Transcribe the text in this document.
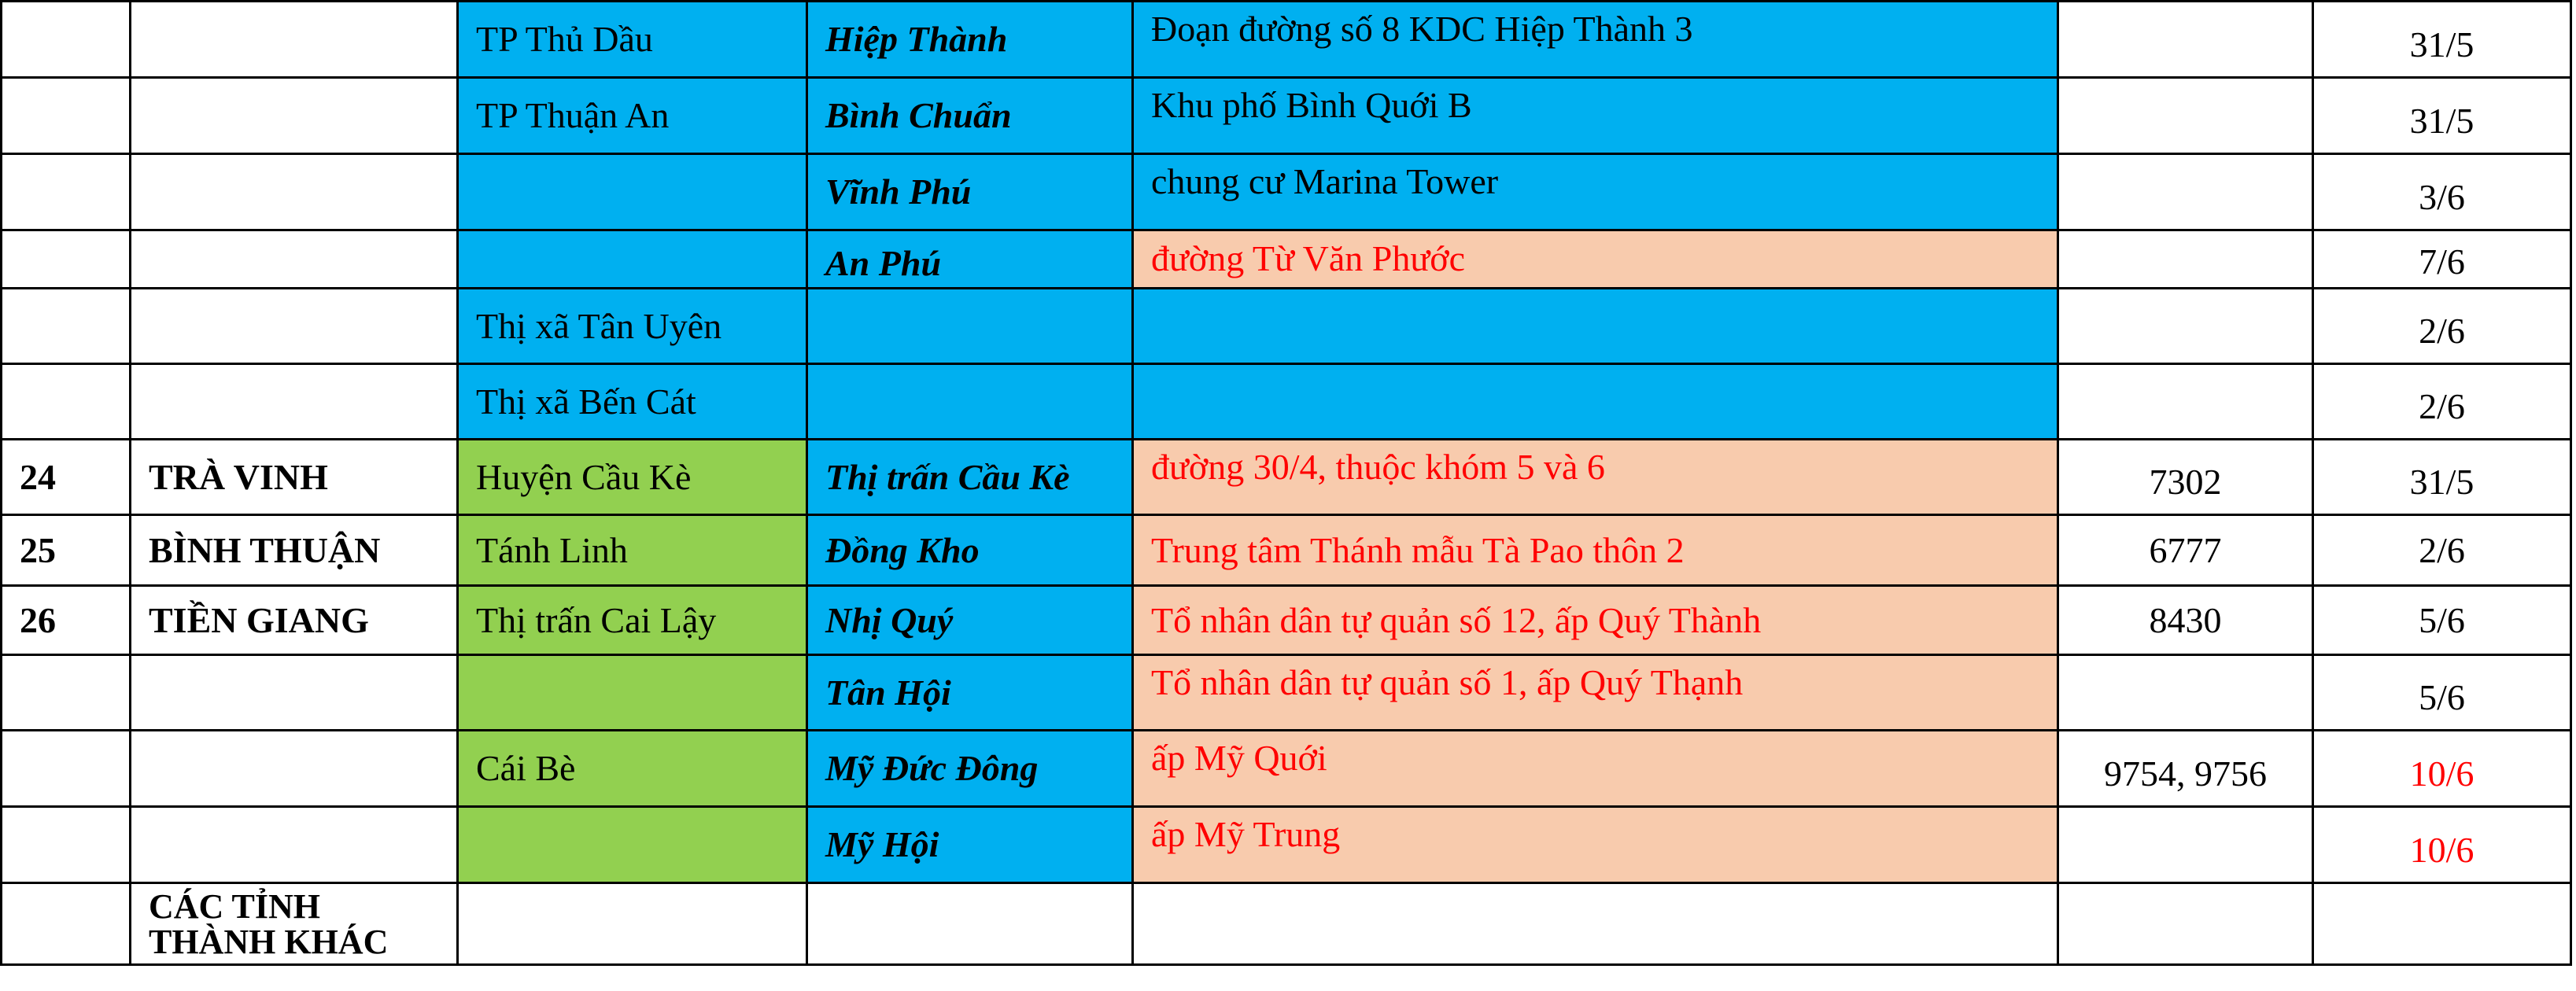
		TP Thủ Dầu	Hiệp Thành	Đoạn đường số 8 KDC Hiệp Thành 3		31/5
		TP Thuận An	Bình Chuẩn	Khu phố Bình Quới B		31/5
			Vĩnh Phú	chung cư Marina Tower		3/6
			An Phú	đường Từ Văn Phước		7/6
		Thị xã Tân Uyên				2/6
		Thị xã Bến Cát				2/6
24	TRÀ VINH	Huyện Cầu Kè	Thị trấn Cầu Kè	đường 30/4, thuộc khóm 5 và 6	7302	31/5
25	BÌNH THUẬN	Tánh Linh	Đồng Kho	Trung tâm Thánh mẫu Tà Pao thôn 2	6777	2/6
26	TIỀN GIANG	Thị trấn Cai Lậy	Nhị Quý	Tổ nhân dân tự quản số 12, ấp Quý Thành	8430	5/6
			Tân Hội	Tổ nhân dân tự quản số 1, ấp Quý Thạnh		5/6
		Cái Bè	Mỹ Đức Đông	ấp Mỹ Quới	9754, 9756	10/6
			Mỹ Hội	ấp Mỹ Trung		10/6
	CÁC TỈNH THÀNH KHÁC					
